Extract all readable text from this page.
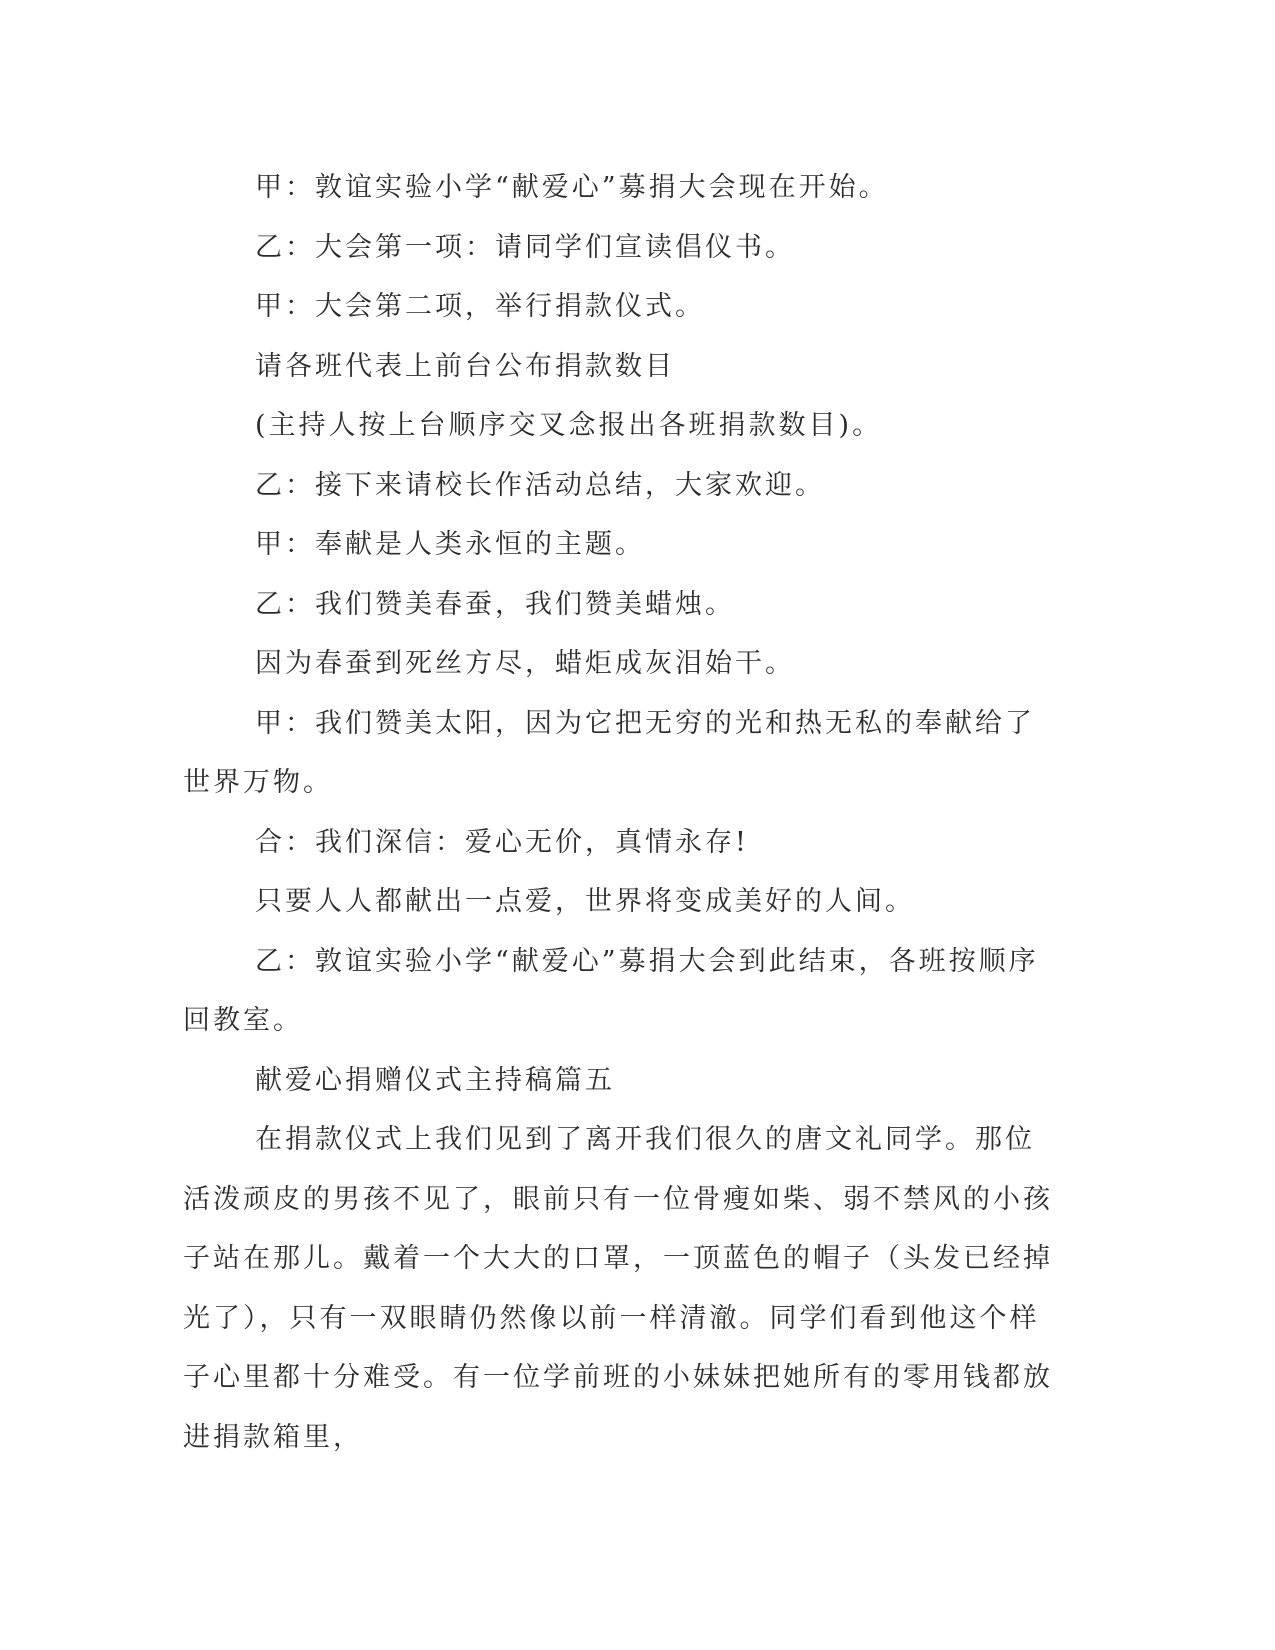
甲：敦谊实验小学“献爱心”募捐大会现在开始。

乙：大会第一项：请同学们宣读倡仪书。

甲：大会第二项，举行捐款仪式。

请各班代表上前台公布捐款数目

(主持人按上台顺序交叉念报出各班捐款数目)。

乙：接下来请校长作活动总结，大家欢迎。

甲：奉献是人类永恒的主题。

乙：我们赞美春蚕，我们赞美蜡烛。

因为春蚕到死丝方尽，蜡炬成灰泪始干。

甲：我们赞美太阳，因为它把无穷的光和热无私的奉献给了世界万物。

合：我们深信：爱心无价，真情永存!

只要人人都献出一点爱，世界将变成美好的人间。

乙：敦谊实验小学“献爱心”募捐大会到此结束，各班按顺序回教室。

献爱心捐赠仪式主持稿篇五

在捐款仪式上我们见到了离开我们很久的唐文礼同学。那位活泼顽皮的男孩不见了，眼前只有一位骨瘦如柴、弱不禁风的小孩子站在那儿。戴着一个大大的口罩，一顶蓝色的帽子（头发已经掉光了），只有一双眼睛仍然像以前一样清澈。同学们看到他这个样子心里都十分难受。有一位学前班的小妹妹把她所有的零用钱都放进捐款箱里，
